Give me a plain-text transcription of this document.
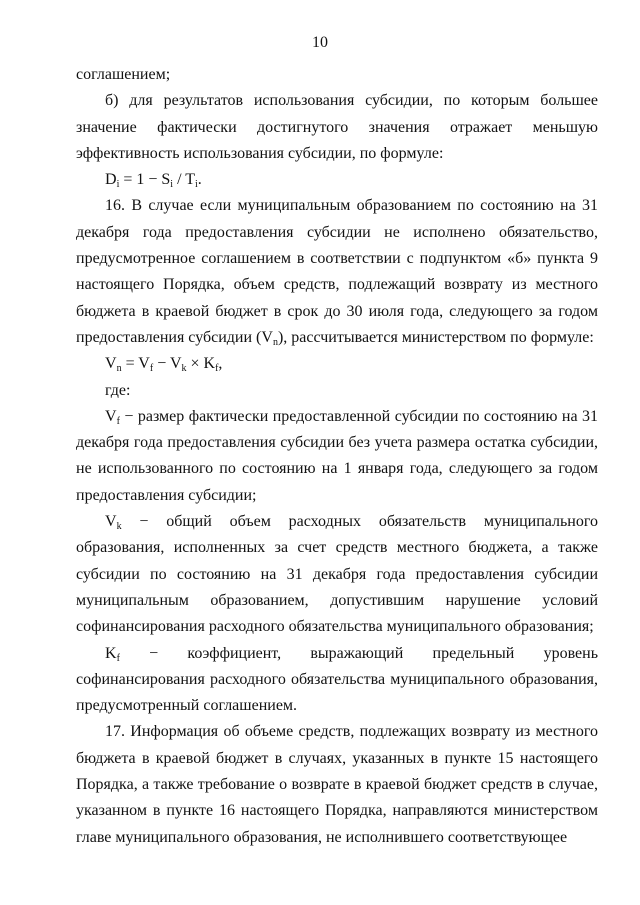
10

соглашением;

б) для результатов использования субсидии, по которым большее значение фактически достигнутого значения отражает меньшую эффективность использования субсидии, по формуле:

$D_i = 1 - S_i / T_i$.

16. В случае если муниципальным образованием по состоянию на 31 декабря года предоставления субсидии не исполнено обязательство, предусмотренное соглашением в соответствии с подпунктом «б» пункта 9 настоящего Порядка, объем средств, подлежащий возврату из местного бюджета в краевой бюджет в срок до 30 июля года, следующего за годом предоставления субсидии $(V_n)$, рассчитывается министерством по формуле:

$V_n = V_f - V_k \times K_f$,

где:

$V_f$ − размер фактически предоставленной субсидии по состоянию на 31 декабря года предоставления субсидии без учета размера остатка субсидии, не использованного по состоянию на 1 января года, следующего за годом предоставления субсидии;

$V_k$ − общий объем расходных обязательств муниципального образования, исполненных за счет средств местного бюджета, а также субсидии по состоянию на 31 декабря года предоставления субсидии муниципальным образованием, допустившим нарушение условий софинансирования расходного обязательства муниципального образования;

$K_f$ − коэффициент, выражающий предельный уровень софинансирования расходного обязательства муниципального образования, предусмотренный соглашением.

17. Информация об объеме средств, подлежащих возврату из местного бюджета в краевой бюджет в случаях, указанных в пункте 15 настоящего Порядка, а также требование о возврате в краевой бюджет средств в случае, указанном в пункте 16 настоящего Порядка, направляются министерством главе муниципального образования, не исполнившего соответствующее
